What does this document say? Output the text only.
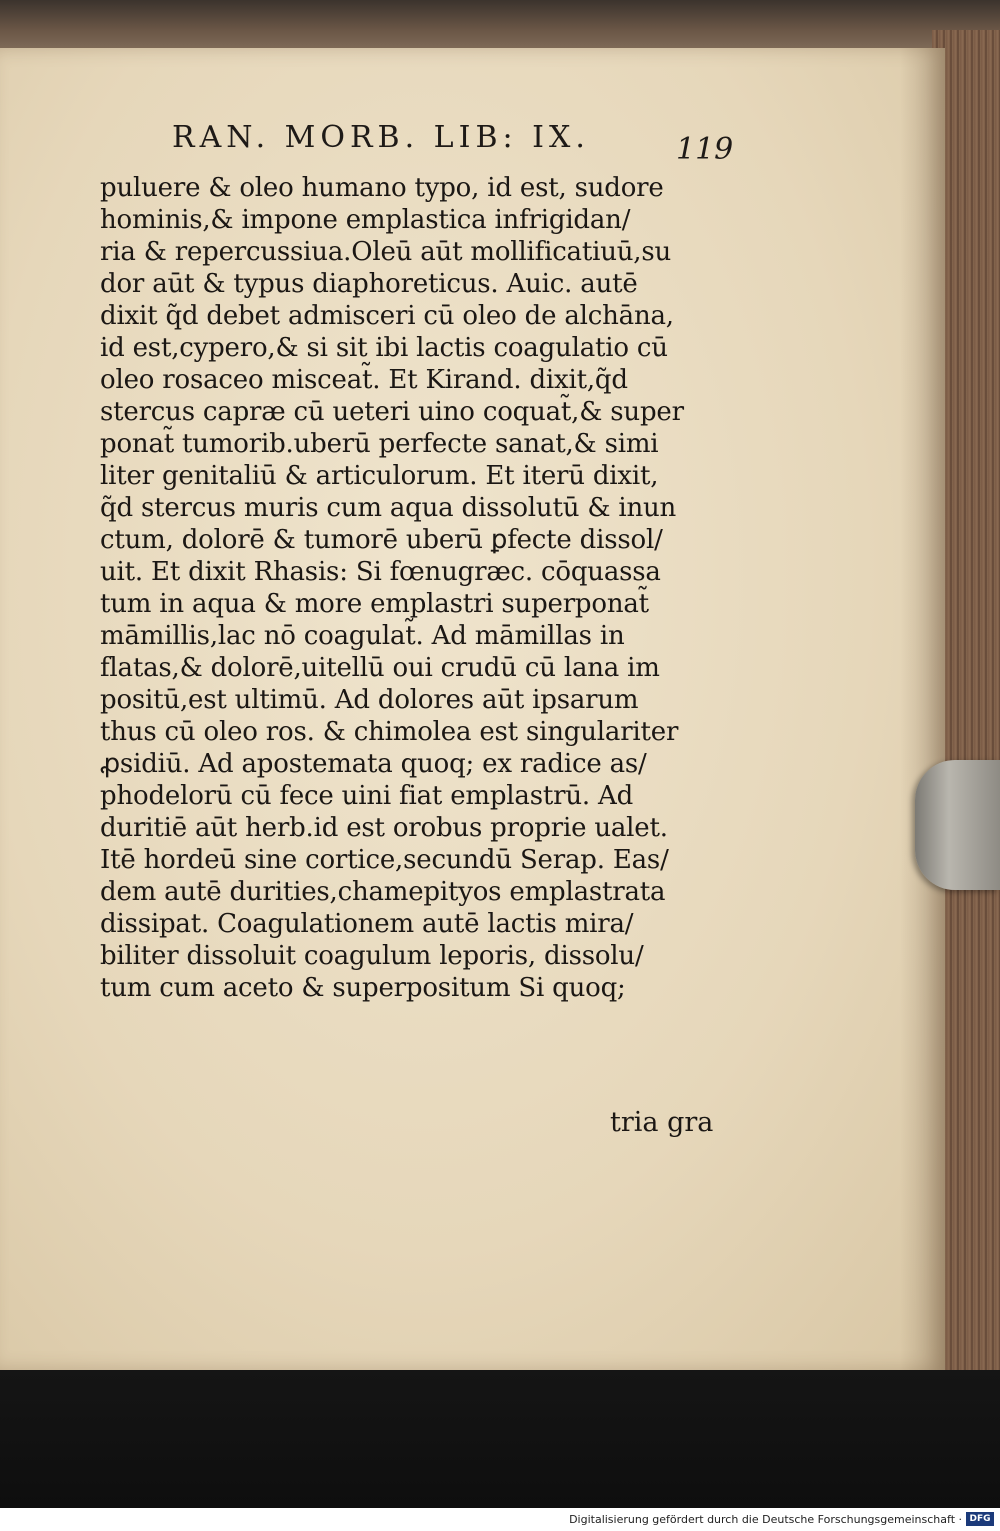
RAN. MORB. LIB: IX.	119
puluere & oleo humano typo, id est, sudore
hominis,& impone emplastica infrigidan/
ria & repercussiua.Oleū aūt mollificatiuū,su
dor aūt & typus diaphoreticus. Auic. autē
dixit q̃d debet admisceri cū oleo de alchāna,
id est,cypero,& si sit ibi lactis coagulatio cū
oleo rosaceo misceat̃. Et Kirand. dixit,q̃d
stercus capræ cū ueteri uino coquat̃,& super
ponat̃ tumorib.uberū perfecte sanat,& simi
liter genitaliū & articulorum. Et iterū dixit,
q̃d stercus muris cum aqua dissolutū & inun
ctum, dolorē & tumorē uberū ꝑfecte dissol/
uit. Et dixit Rhasis: Si fœnugræc. cōquassa
tum in aqua & more emplastri superponat̃
māmillis,lac nō coagulat̃. Ad māmillas in
flatas,& dolorē,uitellū oui crudū cū lana im
positū,est ultimū. Ad dolores aūt ipsarum
thus cū oleo ros. & chimolea est singulariter
ꝓsidiū. Ad apostemata quoq; ex radice as/
phodelorū cū fece uini fiat emplastrū. Ad
duritiē aūt herb.id est orobus proprie ualet.
Itē hordeū sine cortice,secundū Serap. Eas/
dem autē durities,chamepityos emplastrata
dissipat. Coagulationem autē lactis mira/
biliter dissoluit coagulum leporis, dissolu/
tum cum aceto & superpositum Si quoq;
tria gra
Digitalisierung gefördert durch die Deutsche Forschungsgemeinschaft · DFG
